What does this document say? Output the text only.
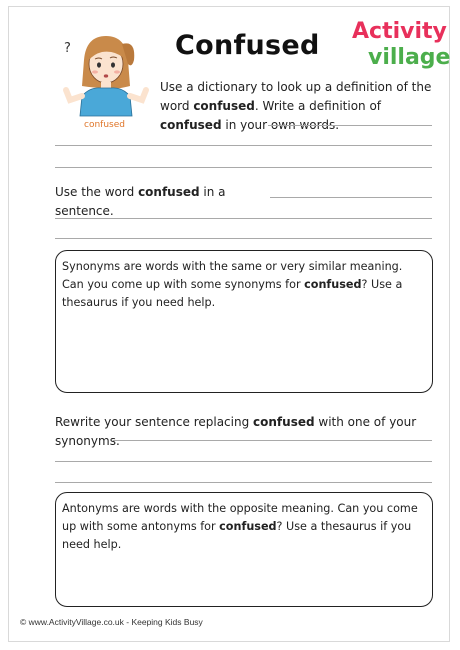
?
confused
Confused Activity
village
Use a dictionary to look up a definition of the word confused. Write a definition of confused in your own words.
Use the word confused in a sentence.
Synonyms are words with the same or very similar meaning. Can you come up with some synonyms for confused? Use a thesaurus if you need help.
Rewrite your sentence replacing confused with one of your synonyms.
Antonyms are words with the opposite meaning. Can you come up with some antonyms for confused? Use a thesaurus if you need help.
© www.ActivityVillage.co.uk - Keeping Kids Busy
